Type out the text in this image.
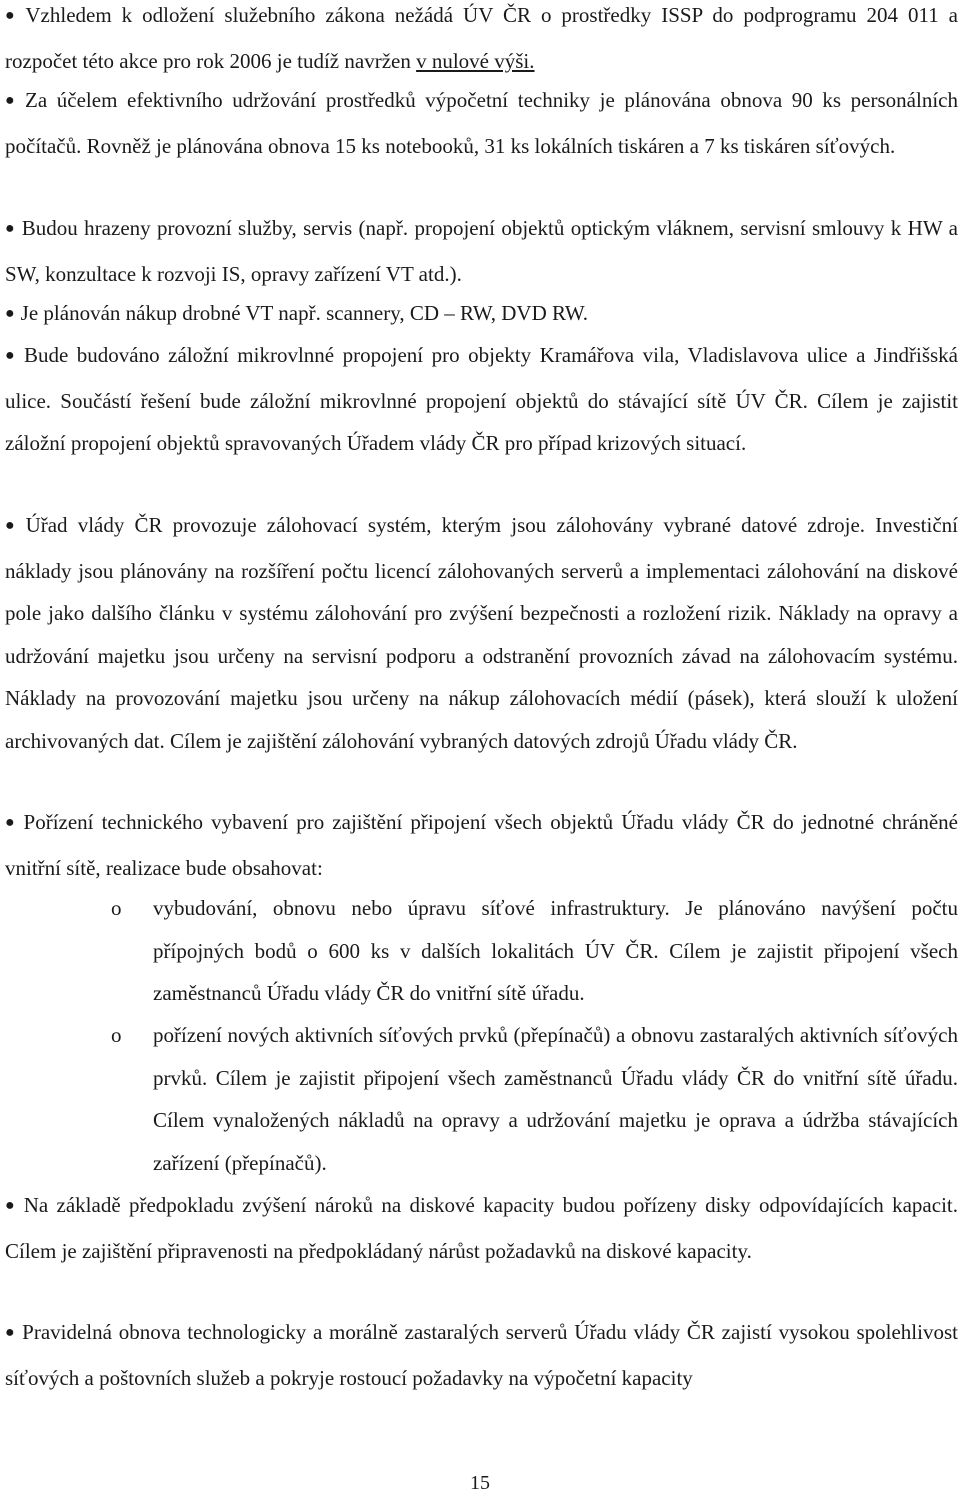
● Vzhledem k odložení služebního zákona nežádá ÚV ČR o prostředky ISSP do podprogramu 204 011 a rozpočet této akce pro rok 2006 je tudíž navržen v nulové výši.

● Za účelem efektivního udržování prostředků výpočetní techniky je plánována obnova 90 ks personálních počítačů. Rovněž je plánována obnova 15 ks notebooků, 31 ks lokálních tiskáren a 7 ks tiskáren síťových.

● Budou hrazeny provozní služby, servis (např. propojení objektů optickým vláknem, servisní smlouvy k HW a SW, konzultace k rozvoji IS, opravy zařízení VT atd.).

● Je plánován nákup drobné VT např. scannery, CD – RW, DVD RW.

● Bude budováno záložní mikrovlnné propojení pro objekty Kramářova vila, Vladislavova ulice a Jindřišská ulice. Součástí řešení bude záložní mikrovlnné propojení objektů do stávající sítě ÚV ČR. Cílem je zajistit záložní propojení objektů spravovaných Úřadem vlády ČR pro případ krizových situací.

● Úřad vlády ČR provozuje zálohovací systém, kterým jsou zálohovány vybrané datové zdroje. Investiční náklady jsou plánovány na rozšíření počtu licencí zálohovaných serverů a implementaci zálohování na diskové pole jako dalšího článku v systému zálohování pro zvýšení bezpečnosti a rozložení rizik. Náklady na opravy a udržování majetku jsou určeny na servisní podporu a odstranění provozních závad na zálohovacím systému. Náklady na provozování majetku jsou určeny na nákup zálohovacích médií (pásek), která slouží k uložení archivovaných dat. Cílem je zajištění zálohování vybraných datových zdrojů Úřadu vlády ČR.

● Pořízení technického vybavení pro zajištění připojení všech objektů Úřadu vlády ČR do jednotné chráněné vnitřní sítě, realizace bude obsahovat:

o vybudování, obnovu nebo úpravu síťové infrastruktury. Je plánováno navýšení počtu přípojných bodů o 600 ks v dalších lokalitách ÚV ČR. Cílem je zajistit připojení všech zaměstnanců Úřadu vlády ČR do vnitřní sítě úřadu.
o pořízení nových aktivních síťových prvků (přepínačů) a obnovu zastaralých aktivních síťových prvků. Cílem je zajistit připojení všech zaměstnanců Úřadu vlády ČR do vnitřní sítě úřadu. Cílem vynaložených nákladů na opravy a udržování majetku je oprava a údržba stávajících zařízení (přepínačů).

● Na základě předpokladu zvýšení nároků na diskové kapacity budou pořízeny disky odpovídajících kapacit. Cílem je zajištění připravenosti na předpokládaný nárůst požadavků na diskové kapacity.

● Pravidelná obnova technologicky a morálně zastaralých serverů Úřadu vlády ČR zajistí vysokou spolehlivost síťových a poštovních služeb a pokryje rostoucí požadavky na výpočetní kapacity

15
